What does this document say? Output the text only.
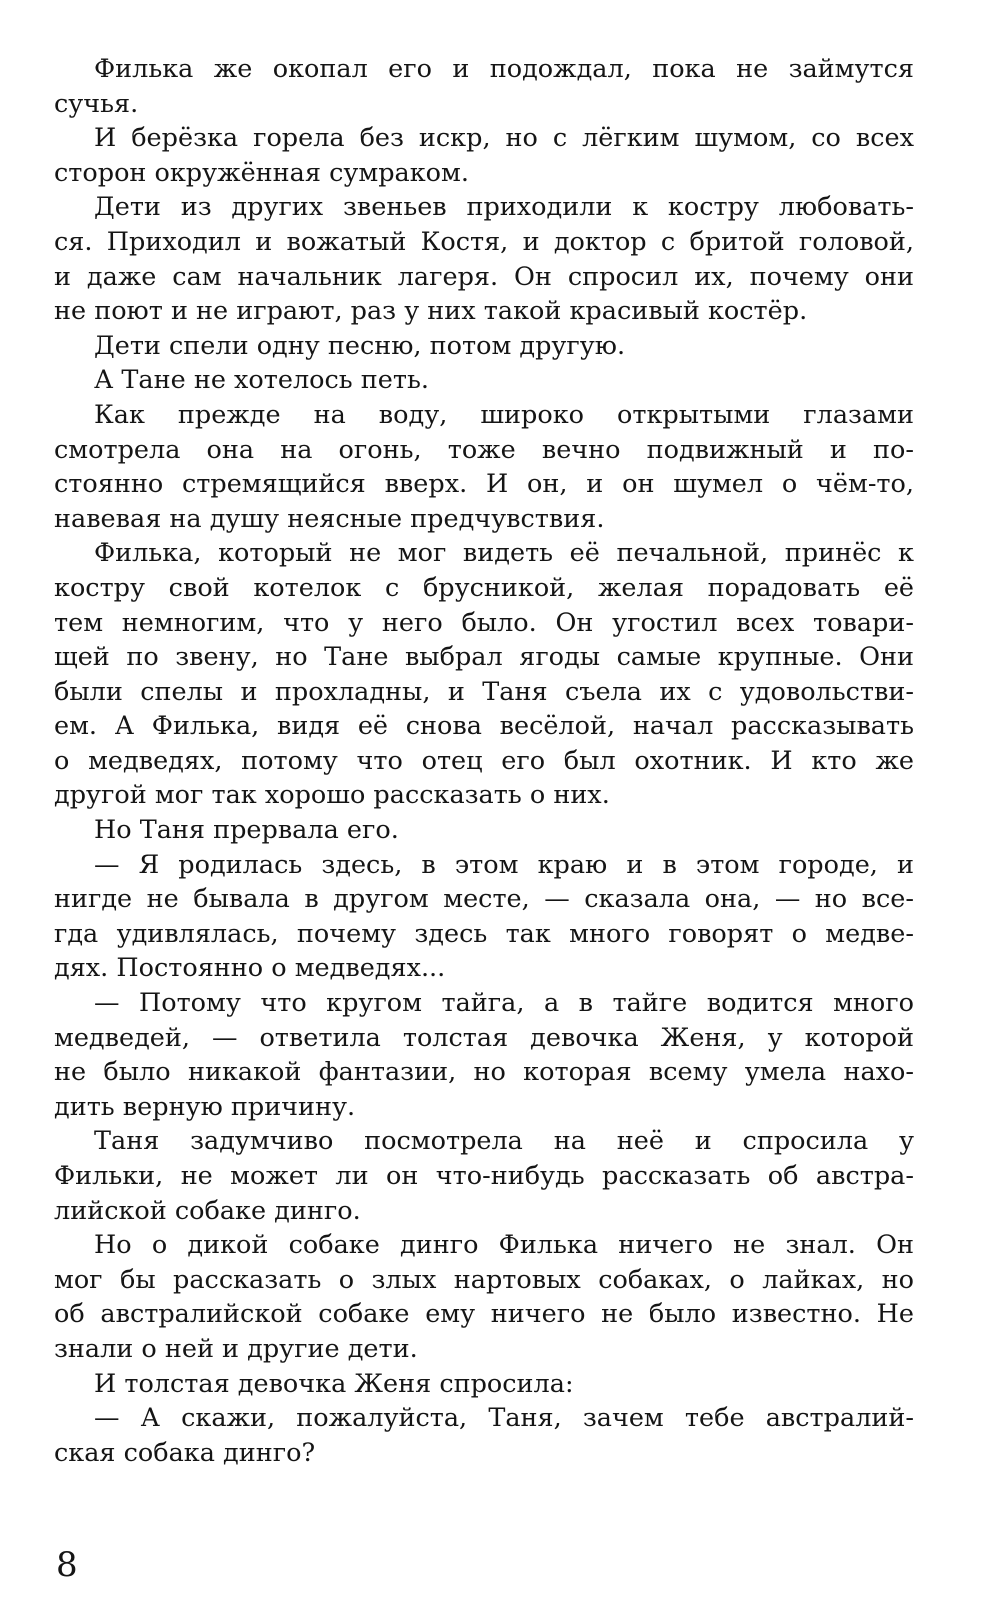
Филька же окопал его и подождал, пока не займутся
сучья.
И берёзка горела без искр, но с лёгким шумом, со всех
сторон окружённая сумраком.
Дети из других звеньев приходили к костру любовать-
ся. Приходил и вожатый Костя, и доктор с бритой головой,
и даже сам начальник лагеря. Он спросил их, почему они
не поют и не играют, раз у них такой красивый костёр.
Дети спели одну песню, потом другую.
А Тане не хотелось петь.
Как прежде на воду, широко открытыми глазами
смотрела она на огонь, тоже вечно подвижный и по-
стоянно стремящийся вверх. И он, и он шумел о чём-то,
навевая на душу неясные предчувствия.
Филька, который не мог видеть её печальной, принёс к
костру свой котелок с брусникой, желая порадовать её
тем немногим, что у него было. Он угостил всех товари-
щей по звену, но Тане выбрал ягоды самые крупные. Они
были спелы и прохладны, и Таня съела их с удовольстви-
ем. А Филька, видя её снова весёлой, начал рассказывать
о медведях, потому что отец его был охотник. И кто же
другой мог так хорошо рассказать о них.
Но Таня прервала его.
— Я родилась здесь, в этом краю и в этом городе, и
нигде не бывала в другом месте, — сказала она, — но все-
гда удивлялась, почему здесь так много говорят о медве-
дях. Постоянно о медведях...
— Потому что кругом тайга, а в тайге водится много
медведей, — ответила толстая девочка Женя, у которой
не было никакой фантазии, но которая всему умела нахо-
дить верную причину.
Таня задумчиво посмотрела на неё и спросила у
Фильки, не может ли он что-нибудь рассказать об австра-
лийской собаке динго.
Но о дикой собаке динго Филька ничего не знал. Он
мог бы рассказать о злых нартовых собаках, о лайках, но
об австралийской собаке ему ничего не было известно. Не
знали о ней и другие дети.
И толстая девочка Женя спросила:
— А скажи, пожалуйста, Таня, зачем тебе австралий-
ская собака динго?
8
